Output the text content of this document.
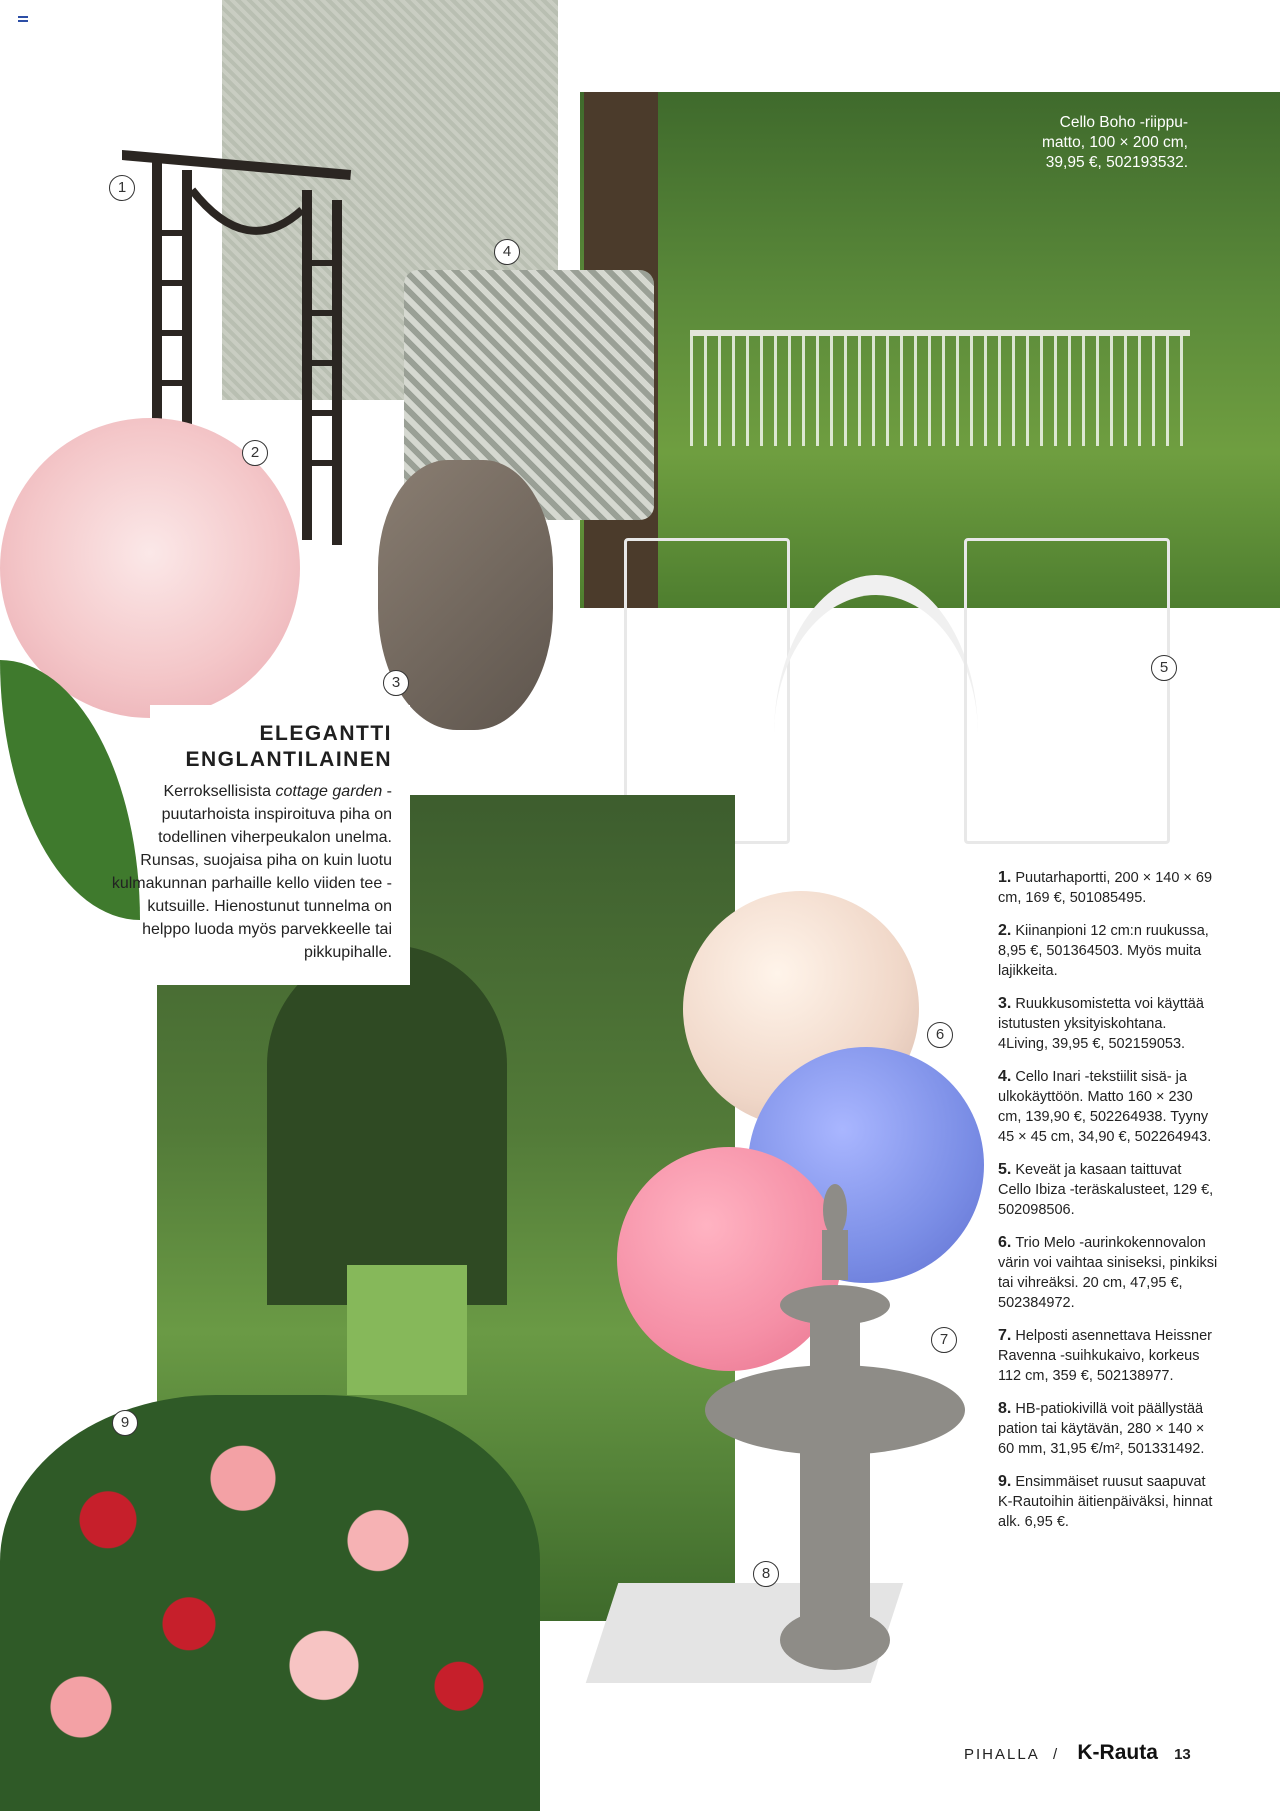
1
2
3
4
5
6
7
8
9
Cello Boho -riippu-
matto, 100 × 200 cm,
39,95 €, 502193532.
ELEGANTTI
ENGLANTILAINEN
Kerroksellisista cottage garden -puutarhoista inspiroituva piha on todellinen viherpeukalon unelma. Runsas, suojaisa piha on kuin luotu kulmakunnan parhaille kello viiden tee -kutsuille. Hienostunut tunnelma on helppo luoda myös parvekkeelle tai pikkupihalle.
1. Puutarhaportti, 200 × 140 × 69 cm, 169 €, 501085495.
2. Kiinanpioni 12 cm:n ruukussa, 8,95 €, 501364503. Myös muita lajikkeita.
3. Ruukkusomistetta voi käyttää istutusten yksityiskohtana. 4Living, 39,95 €, 502159053.
4. Cello Inari -tekstiilit sisä- ja ulkokäyttöön. Matto 160 × 230 cm, 139,90 €, 502264938. Tyyny 45 × 45 cm, 34,90 €, 502264943.
5. Keveät ja kasaan taittuvat Cello Ibiza -teräskalusteet, 129 €, 502098506.
6. Trio Melo -aurinkokennovalon värin voi vaihtaa siniseksi, pinkiksi tai vihreäksi. 20 cm, 47,95 €, 502384972.
7. Helposti asennettava Heissner Ravenna -suihkukaivo, korkeus 112 cm, 359 €, 502138977.
8. HB-patiokivillä voit päällystää pation tai käytävän, 280 × 140 × 60 mm, 31,95 €/m², 501331492.
9. Ensimmäiset ruusut saapuvat K-Rautoihin äitienpäiväksi, hinnat alk. 6,95 €.
PIHALLA / K-Rauta 13
